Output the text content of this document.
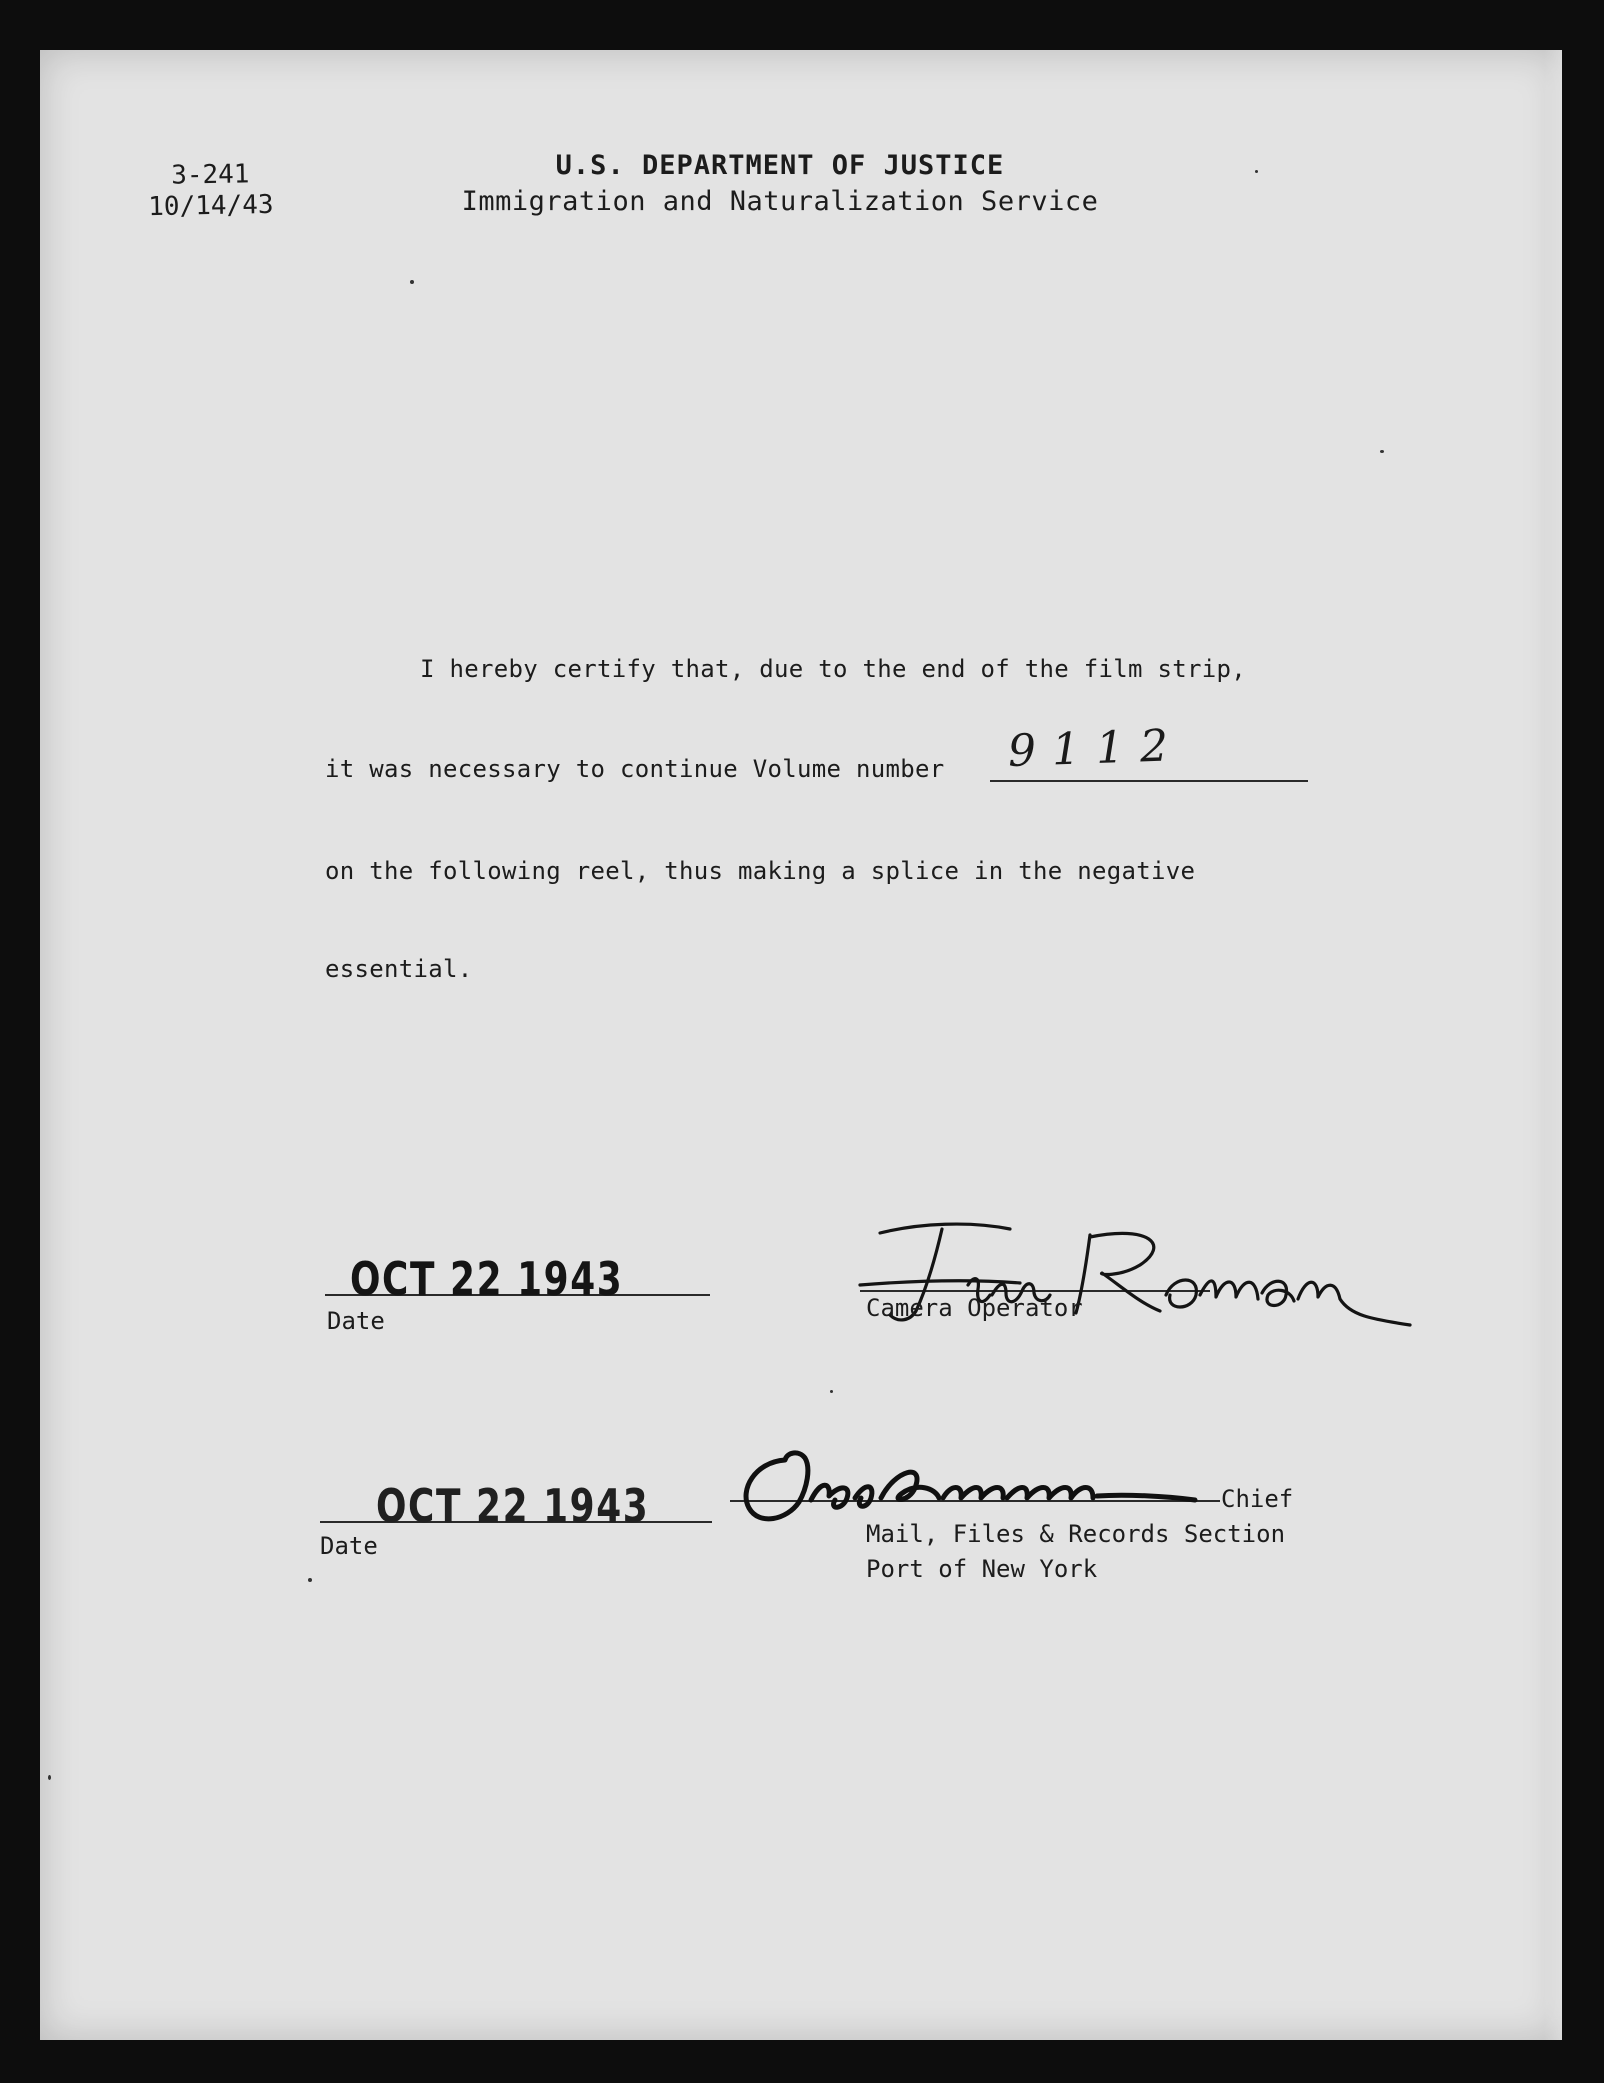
3-241
10/14/43
U.S. DEPARTMENT OF JUSTICE
Immigration and Naturalization Service
I hereby certify that, due to the end of the film strip,
it was necessary to continue Volume number 9112
on the following reel, thus making a splice in the negative
essential.
OCT 22 1943
Date	Camera Operator
OCT 22 1943
Date
Chief
Mail, Files & Records Section
Port of New York
